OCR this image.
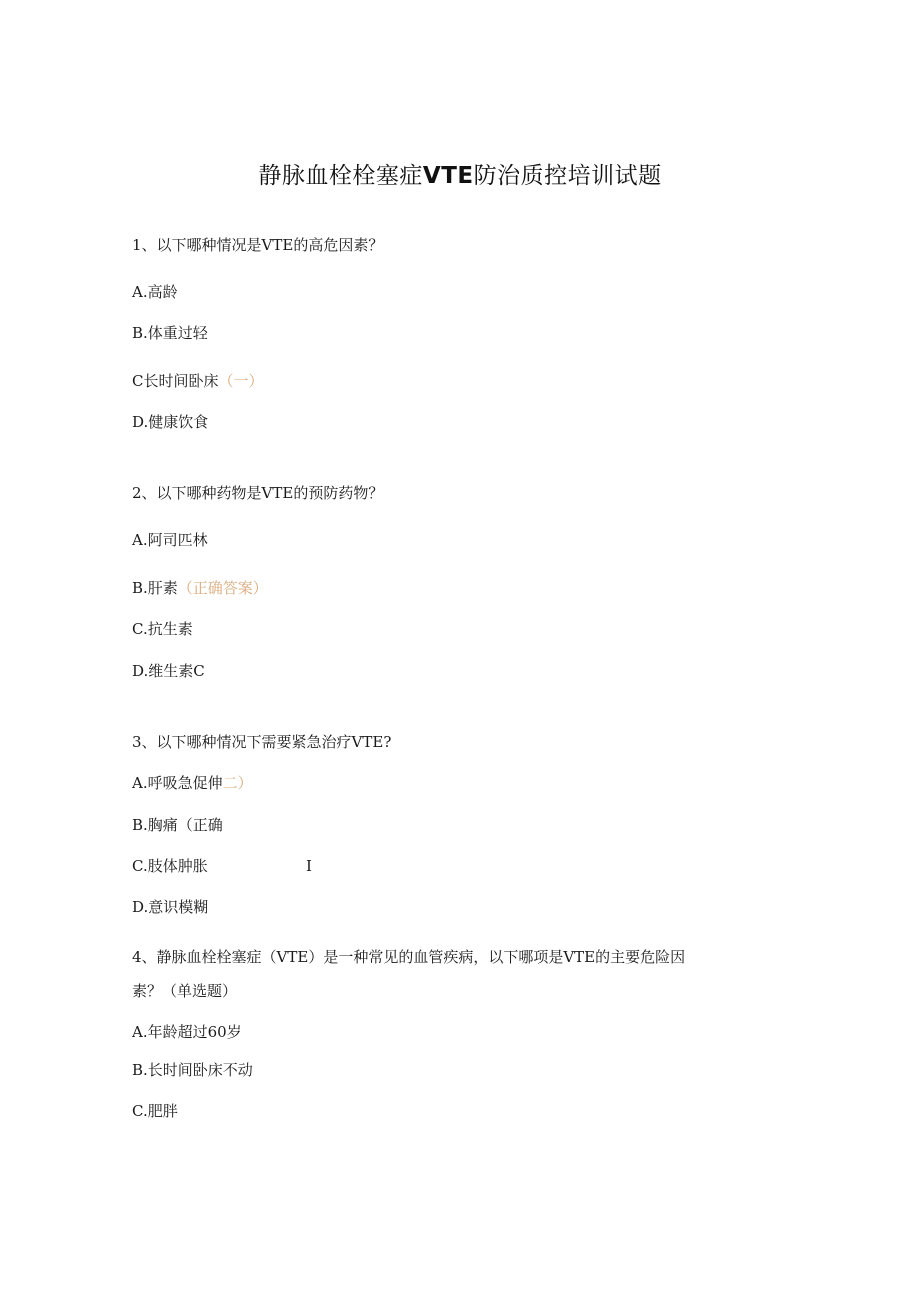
静脉血栓栓塞症VTE防治质控培训试题
1、以下哪种情况是VTE的高危因素？
A.高龄
B.体重过轻
C长时间卧床（一）
D.健康饮食
2、以下哪种药物是VTE的预防药物？
A.阿司匹林
B.肝素（正确答案）
C.抗生素
D.维生素C
3、以下哪种情况下需要紧急治疗VTE?
A.呼吸急促伸二）
B.胸痛（正确
C.肢体肿胀	I
D.意识模糊
4、静脉血栓栓塞症（VTE）是一种常见的血管疾病，以下哪项是VTE的主要危险因
素？（单选题）
A.年龄超过60岁
B.长时间卧床不动
C.肥胖
